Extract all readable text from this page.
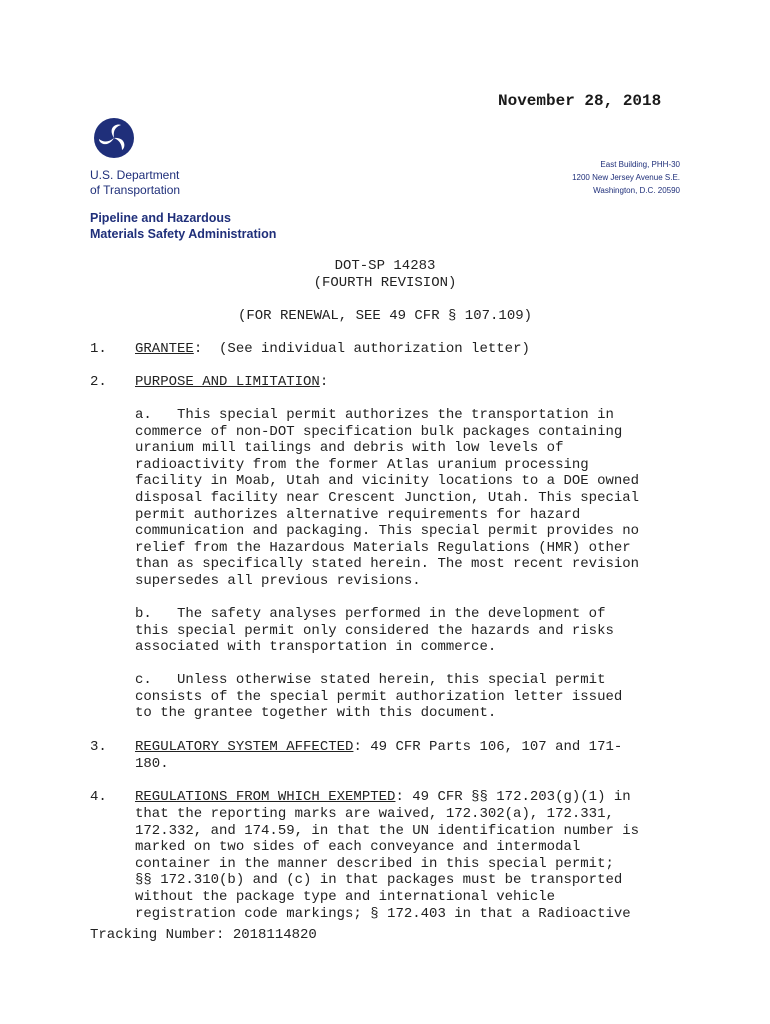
November 28, 2018
U.S. Department
of Transportation
East Building, PHH-30
1200 New Jersey Avenue S.E.
Washington, D.C. 20590
Pipeline and Hazardous
Materials Safety Administration
DOT-SP 14283
(FOURTH REVISION)
(FOR RENEWAL, SEE 49 CFR § 107.109)
1. GRANTEE:  (See individual authorization letter)
2. PURPOSE AND LIMITATION:
a.   This special permit authorizes the transportation in
commerce of non-DOT specification bulk packages containing
uranium mill tailings and debris with low levels of
radioactivity from the former Atlas uranium processing
facility in Moab, Utah and vicinity locations to a DOE owned
disposal facility near Crescent Junction, Utah. This special
permit authorizes alternative requirements for hazard
communication and packaging. This special permit provides no
relief from the Hazardous Materials Regulations (HMR) other
than as specifically stated herein. The most recent revision
supersedes all previous revisions.
b.   The safety analyses performed in the development of
this special permit only considered the hazards and risks
associated with transportation in commerce.
c.   Unless otherwise stated herein, this special permit
consists of the special permit authorization letter issued
to the grantee together with this document.
3. REGULATORY SYSTEM AFFECTED: 49 CFR Parts 106, 107 and 171-
180.
4. REGULATIONS FROM WHICH EXEMPTED: 49 CFR §§ 172.203(g)(1) in
that the reporting marks are waived, 172.302(a), 172.331,
172.332, and 174.59, in that the UN identification number is
marked on two sides of each conveyance and intermodal
container in the manner described in this special permit;
§§ 172.310(b) and (c) in that packages must be transported
without the package type and international vehicle
registration code markings; § 172.403 in that a Radioactive
Tracking Number: 2018114820
